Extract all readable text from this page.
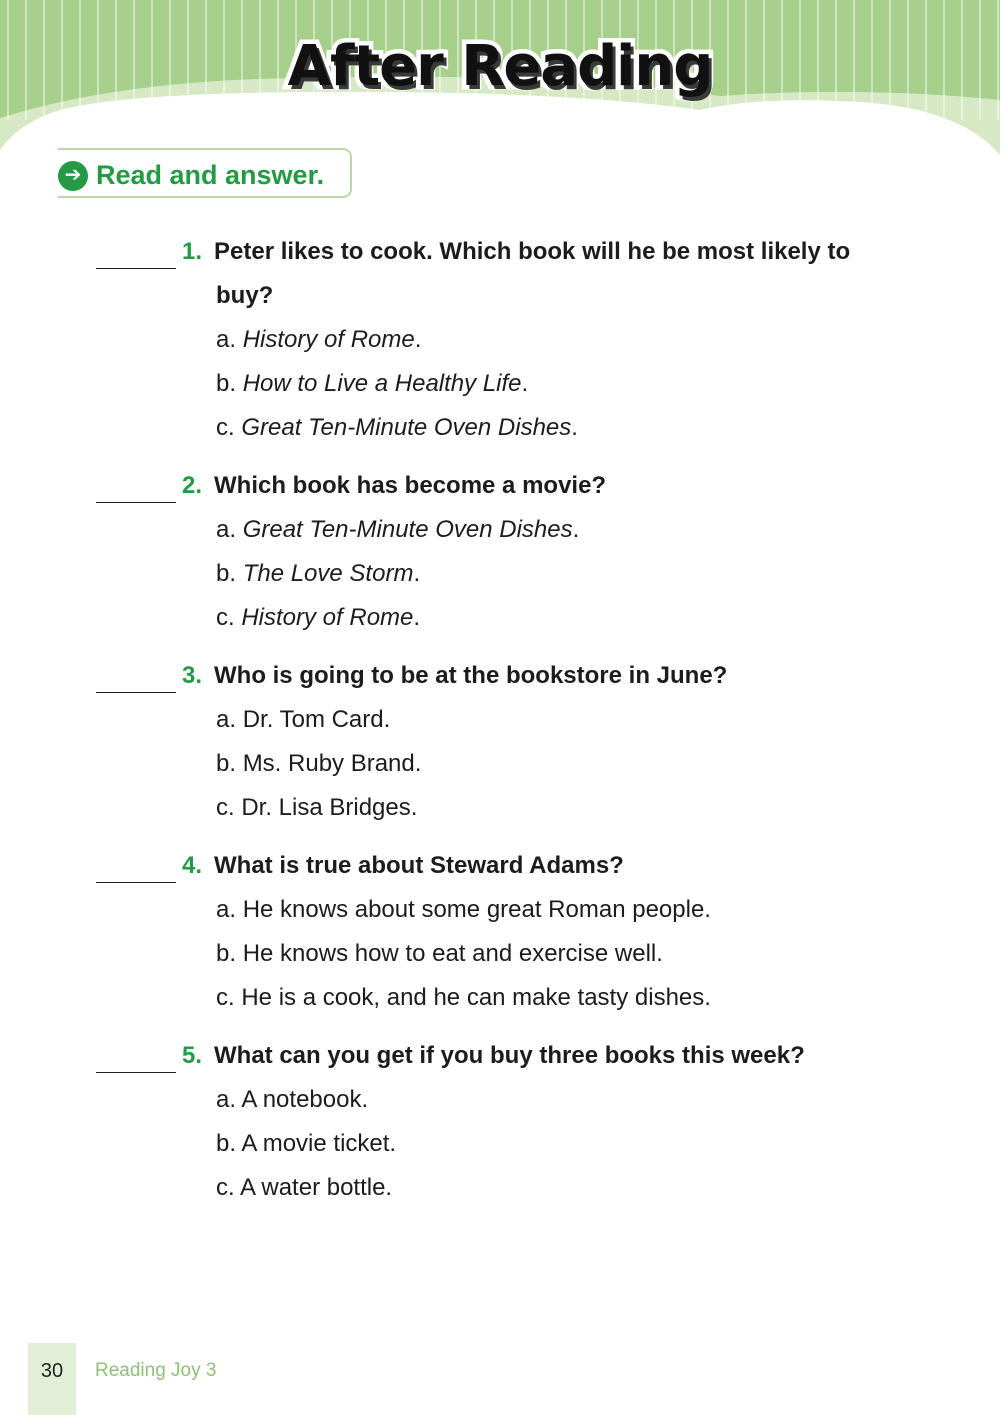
After Reading
➔ Read and answer.
1. Peter likes to cook. Which book will he be most likely to
buy?
a. History of Rome.
b. How to Live a Healthy Life.
c. Great Ten-Minute Oven Dishes.
2. Which book has become a movie?
a. Great Ten-Minute Oven Dishes.
b. The Love Storm.
c. History of Rome.
3. Who is going to be at the bookstore in June?
a. Dr. Tom Card.
b. Ms. Ruby Brand.
c. Dr. Lisa Bridges.
4. What is true about Steward Adams?
a. He knows about some great Roman people.
b. He knows how to eat and exercise well.
c. He is a cook, and he can make tasty dishes.
5. What can you get if you buy three books this week?
a. A notebook.
b. A movie ticket.
c. A water bottle.
30	Reading Joy 3
